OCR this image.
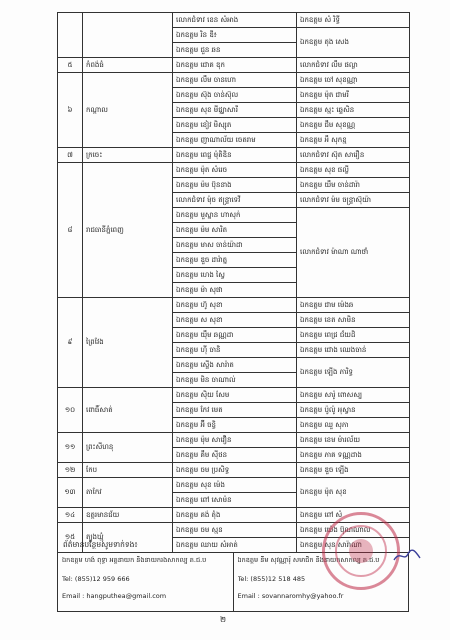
		លោកជំទាវ ខេន សំអាង	ឯកឧត្តម សំ រិទ្ធី
		ឯកឧត្តម រិន ឌី៖	ឯកឧត្តម តុង សេង
		ឯកឧត្តម ជួន ឆន	
៥	កំពង់ធំ	ឯកឧត្តម ជោគ ឌុក	លោកជំទាវ លឹម ផល្លា
៦	កណ្ដាល	ឯកឧត្តម លឹម ចានហោ	ឯកឧត្តម ចៅ សុខណ្ណា
		ឯកឧត្តម ស៊ុង ចាន់ស៊ុល	ឯកឧត្តម ម៉ុត ជាមរី
		ឯកឧត្តម សុខ មីជ្ឈាសារី	ឯកឧត្តម ស្មះ ឆ្ទេសិន
		ឯកឧត្តម ខៀវ មិស្សុត	ឯកឧត្តម ជឹម សុខណ្ណ
		ឯកឧត្តម ញាណាល័យ ចេតរាម	ឯកឧត្តម អឹ សុកខ្ម
៧	ក្រចេះ	ឯកឧត្តម ពេជ្ជ ម៉ុតិឌិន	លោកជំទាវ ស៊ុត សារឿន
៨	រាជធានីភ្នំពេញ	ឯកឧត្តម ម៉ុត សំរេច	ឯកឧត្តម សុខ ផល្លី
		ឯកឧត្តម ម៉ម ប៊ុននាង	ឯកឧត្តម យឹម ចាន់ដារ៉ា
		លោកជំទាវ ម៉ុច ឥន្ទ្រាទេវី	លោកជំទាវ ម៉ម ចន្ទ្រាស៊ុយ៉ា
		ឯកឧត្តម មួស្នាន ហាសុក់	លោកជំទាវ ម៉ាណា ណាថាំ
		ឯកឧត្តម ម៉ម សារិត	
		ឯកឧត្តម មាស ចាន់យ៉ាដា	
		ឯកឧត្តម ឌួច ដារ៉ាត្ន	
		ឯកឧត្តម ហេង ស្វៃ	
		ឯកឧត្តម ម៉ា សុផា	
៩	ព្រៃវែង	ឯកឧត្តម ហ៊ូ សុខា	ឯកឧត្តម ជាម ម៉េងឆ
		ឯកឧត្តម ស សុខា	ឯកឧត្តម ខេត សាមិន
		ឯកឧត្តម យ៉ឹម ឆណ្ណដា	ឯកឧត្តម ពេជ្រ ជ័យដិ
		ឯកឧត្តម ហ៊ី ចានិ	ឯកឧត្តម ជោង ឈេងចាន់
		ឯកឧត្តម ស្ទើង សារ៉ាត	ឯកឧត្តម ឡើង ភារិទ្ធ
		ឯកឧត្តម មិន ចាណាល់	
១០	ពោធិ៍សាត់	ឯកឧត្តម ស៊ិយ សែម	ឯកឧត្តម សារ៉ូ ពោសស្ប
		ឯកឧត្តម កែវ មេត	ឯកឧត្តម ប៉ូល៉ូ អុស្វាន
		ឯកឧត្តម អ៊ី ចន្ធិ	ឯកឧត្តម ឈួ សុភា
១១	ព្រះសីហនុ	ឯកឧត្តម ម៉ុម សាវឿន	ឯកឧត្តម ខេម ម៉ារល័យ
		ឯកឧត្តម គឹម ស៊ីថន	ឯកឧត្តម ភាគ ទណ្ណដាង
១២	កែប	ឯកឧត្តម ចម ប្រសិទ្ធ	ឯកឧត្តម ឌួច ឡើង
១៣	តាកែវ	ឯកឧត្តម សុខ ម៉េង	ឯកឧត្តម ម៉ុត សុខ
		ឯកឧត្តម ពៅ សោម៉ន	
១៤	ឧត្ដរមានជ័យ	ឯកឧត្តម គង់ ត៉ំង	ឯកឧត្តម ពៅ សំ
១៥	ត្បូងឃ្មុំ	ឯកឧត្តម ចម ស្មន	ឯកឧត្តម យ៉េង ប៊ុណណាល
		ឯកឧត្តម ឈាយ សំអាត់	ឯកឧត្តម សុន សារ៉ាណា
ព័ត៌មានបន្ថែមសូមទាក់ទង៖
ឯកឧត្តម ហង់ ពុទ្ធា អគ្គនាយក និងនាយករងសាកល្ប គ.ជ.ប
Tel: (855)12 959 666
Email : hangputhea@gmail.com

ឯកឧត្តម នីម សុវណ្ណារ៉ុ សមាជិក និងនាយកសាកល្ប គ.ជ.ប
Tel: (855)12 518 485
Email : sovannaromhy@yahoo.fr
២
